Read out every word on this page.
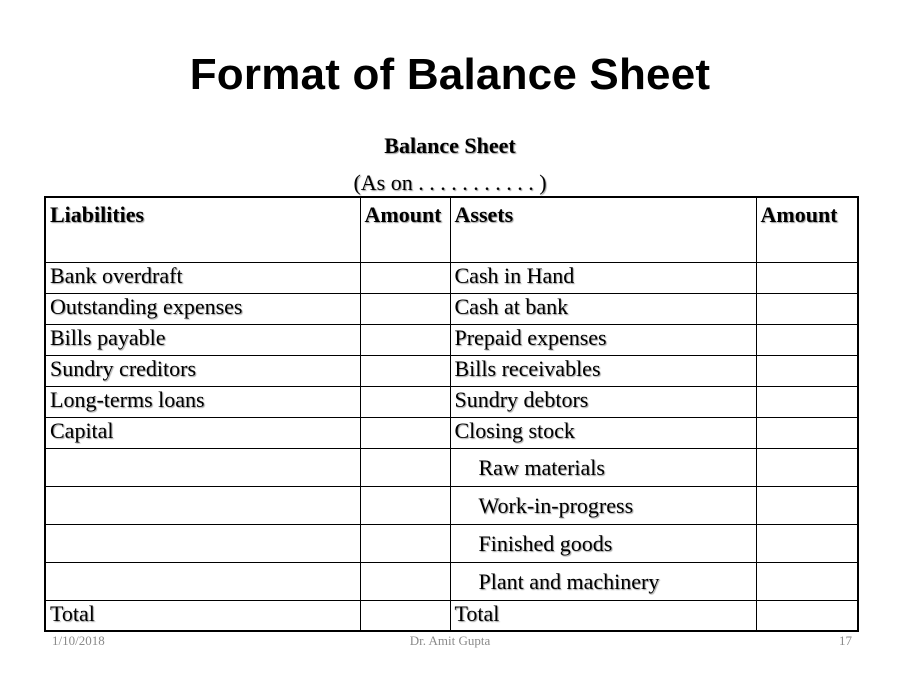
Format of Balance Sheet
Balance Sheet
(As on . . . . . . . . . . . )
Liabilities	Amount	Assets	Amount
Bank overdraft		Cash in Hand	
Outstanding expenses		Cash at bank	
Bills payable		Prepaid expenses	
Sundry creditors		Bills receivables	
Long-terms loans		Sundry debtors	
Capital		Closing stock	
		Raw materials	
		Work-in-progress	
		Finished goods	
		Plant and machinery	
Total		Total	
1/10/2018	Dr. Amit Gupta	17
